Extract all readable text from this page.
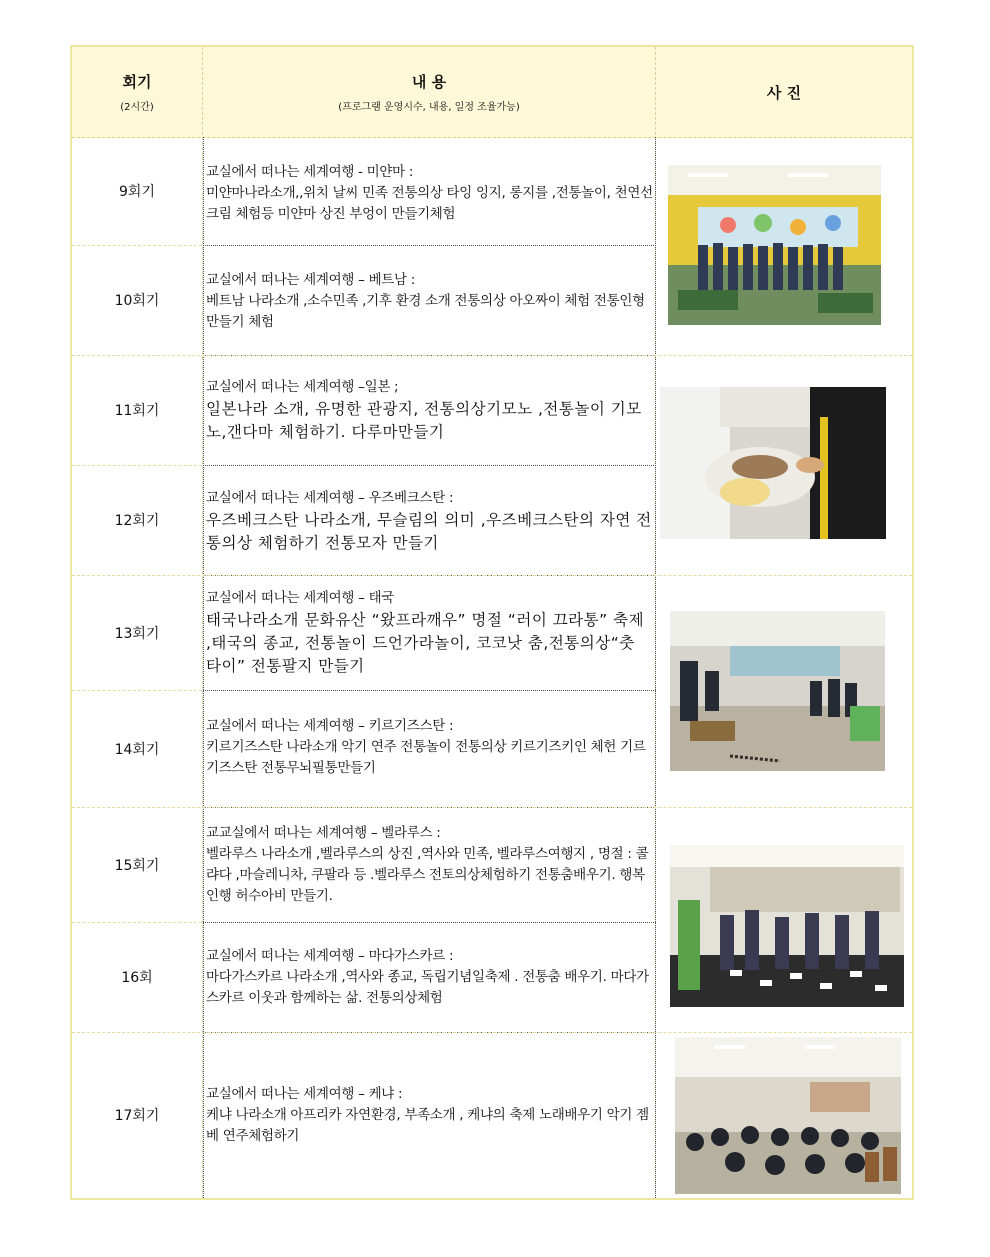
회기
(2시간)
내 용
(프로그램 운영시수, 내용, 일정 조율가능)
사 진
9회기
교실에서 떠나는 세계여행 - 미얀마 :
미얀마나라소개,,위치 날씨 민족 전통의상 타잉 잉지, 롱지를 ,전통놀이, 천연선크림 체험등 미얀마 상진 부엉이 만들기체험
10회기
교실에서 떠나는 세계여행 – 베트남 :
베트남 나라소개 ,소수민족 ,기후 환경 소개 전통의상 아오짜이 체험 전통인형 만들기 체험
11회기
교실에서 떠나는 세계여행 –일본 ;
일본나라 소개, 유명한 관광지, 전통의상기모노 ,전통놀이 기모노,갠다마 체험하기. 다루마만들기
12회기
교실에서 떠나는 세계여행 – 우즈베크스탄 :
우즈베크스탄 나라소개, 무슬림의 의미 ,우즈베크스탄의 자연 전통의상 체험하기 전통모자 만들기
13회기
교실에서 떠나는 세계여행 – 태국
태국나라소개 문화유산 “왔프라깨우” 명절 “러이 끄라통” 축제 ,태국의 종교, 전통놀이 드언가라놀이, 코코낫 춤,전통의상“춧 타이” 전통팔지 만들기
14회기
교실에서 떠나는 세계여행 – 키르기즈스탄 :
키르기즈스탄 나라소개 악기 연주 전통놀이 전통의상 키르기즈키인 체헌 기르기즈스탄 전통무뇌필통만들기
15회기
교교실에서 떠나는 세계여행 – 벨라루스 :
벨라루스 나라소개 ,벨라루스의 상진 ,역사와 민족, 벨라루스여행지 , 명절 : 콜랴다 ,마슬레니차, 쿠팔라 등 .벨라루스 전토의상체험하기 전통춤배우기. 행복인행 허수아비 만들기.
16회
교실에서 떠나는 세계여행 – 마다가스카르 :
마다가스카르 나라소개 ,역사와 종교, 독립기념일축제 . 전통춤 배우기. 마다가스카르 이웃과 함께하는 삶. 전통의상체험
17회기
교실에서 떠나는 세계여행 – 케냐 :
케냐 나라소개 아프리카 자연환경, 부족소개 , 케냐의 축제 노래배우기 악기 젬베 연주체험하기
